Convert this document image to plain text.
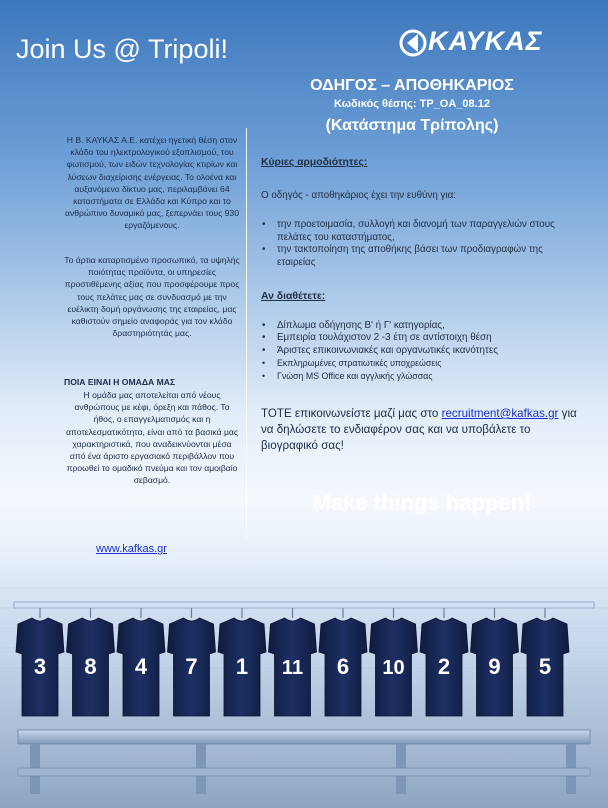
Join Us @ Tripoli!	ΚΑΥΚΑΣ
ΟΔΗΓΟΣ – ΑΠΟΘΗΚΑΡΙΟΣ
Κωδικός θέσης: TP_OA_08.12
(Κατάστημα Τρίπολης)
Η Β. ΚΑΥΚΑΣ Α.Ε. κατέχει ηγετική θέση στον κλάδο του ηλεκτρολογικού εξοπλισμού, του φωτισμού, των ειδών τεχνολογίας κτιρίων και λύσεων διαχείρισης ενέργειας. Το ολοένα και αυξανόμενο δίκτυο μας, περιλαμβάνει 64 καταστήματα σε Ελλάδα και Κύπρο και το ανθρώπινο δυναμικό μας, ξεπερνάει τους 930 εργαζόμενους.
Το άρτια καταρτισμένο προσωπικό, τα υψηλής ποιότητας προϊόντα, οι υπηρεσίες προστιθέμενης αξίας που προσφέρουμε προς τους πελάτες μας σε συνδυασμό με την ευέλικτη δομή οργάνωσης της εταιρείας, μας καθιστούν σημείο αναφοράς για τον κλάδο δραστηριότητάς μας.
ΠΟΙΑ ΕΙΝΑΙ Η ΟΜΑΔΑ ΜΑΣ
Η ομάδα μας αποτελείται από νέους ανθρώπους με κέφι, όρεξη και πάθος. Το ήθος, ο επαγγελματισμός και η αποτελεσματικότητα, είναι από τα βασικά μας χαρακτηριστικά, που αναδεικνύονται μέσα από ένα άριστο εργασιακό περιβάλλον που προωθεί το ομαδικό πνεύμα και τον αμοιβαίο σεβασμό.
www.kafkas.gr
Κύριες αρμοδιότητες:
Ο οδηγός - αποθηκάριος έχει την ευθύνη για:
• την προετοιμασία, συλλογή και διανομή των παραγγελιών στους πελάτες του καταστήματος,
• την τακτοποίηση της αποθήκης βάσει των προδιαγραφών της εταιρείας
Αν διαθέτετε:
• Δίπλωμα οδήγησης Β' ή Γ' κατηγορίας,
• Εμπειρία τουλάχιστον 2 -3 έτη σε αντίστοιχη θέση
• Άριστες επικοινωνιακές και οργανωτικές ικανότητες
• Εκπληρωμένες στρατιωτικές υποχρεώσεις
• Γνώση MS Office και αγγλικής γλώσσας
ΤΟΤΕ επικοινωνείστε μαζί μας στο recruitment@kafkas.gr για να δηλώσετε το ενδιαφέρον σας και να υποβάλετε το βιογραφικό σας!
Make things happen!
3 8 4 7 1 11 6 10 2 9 5
